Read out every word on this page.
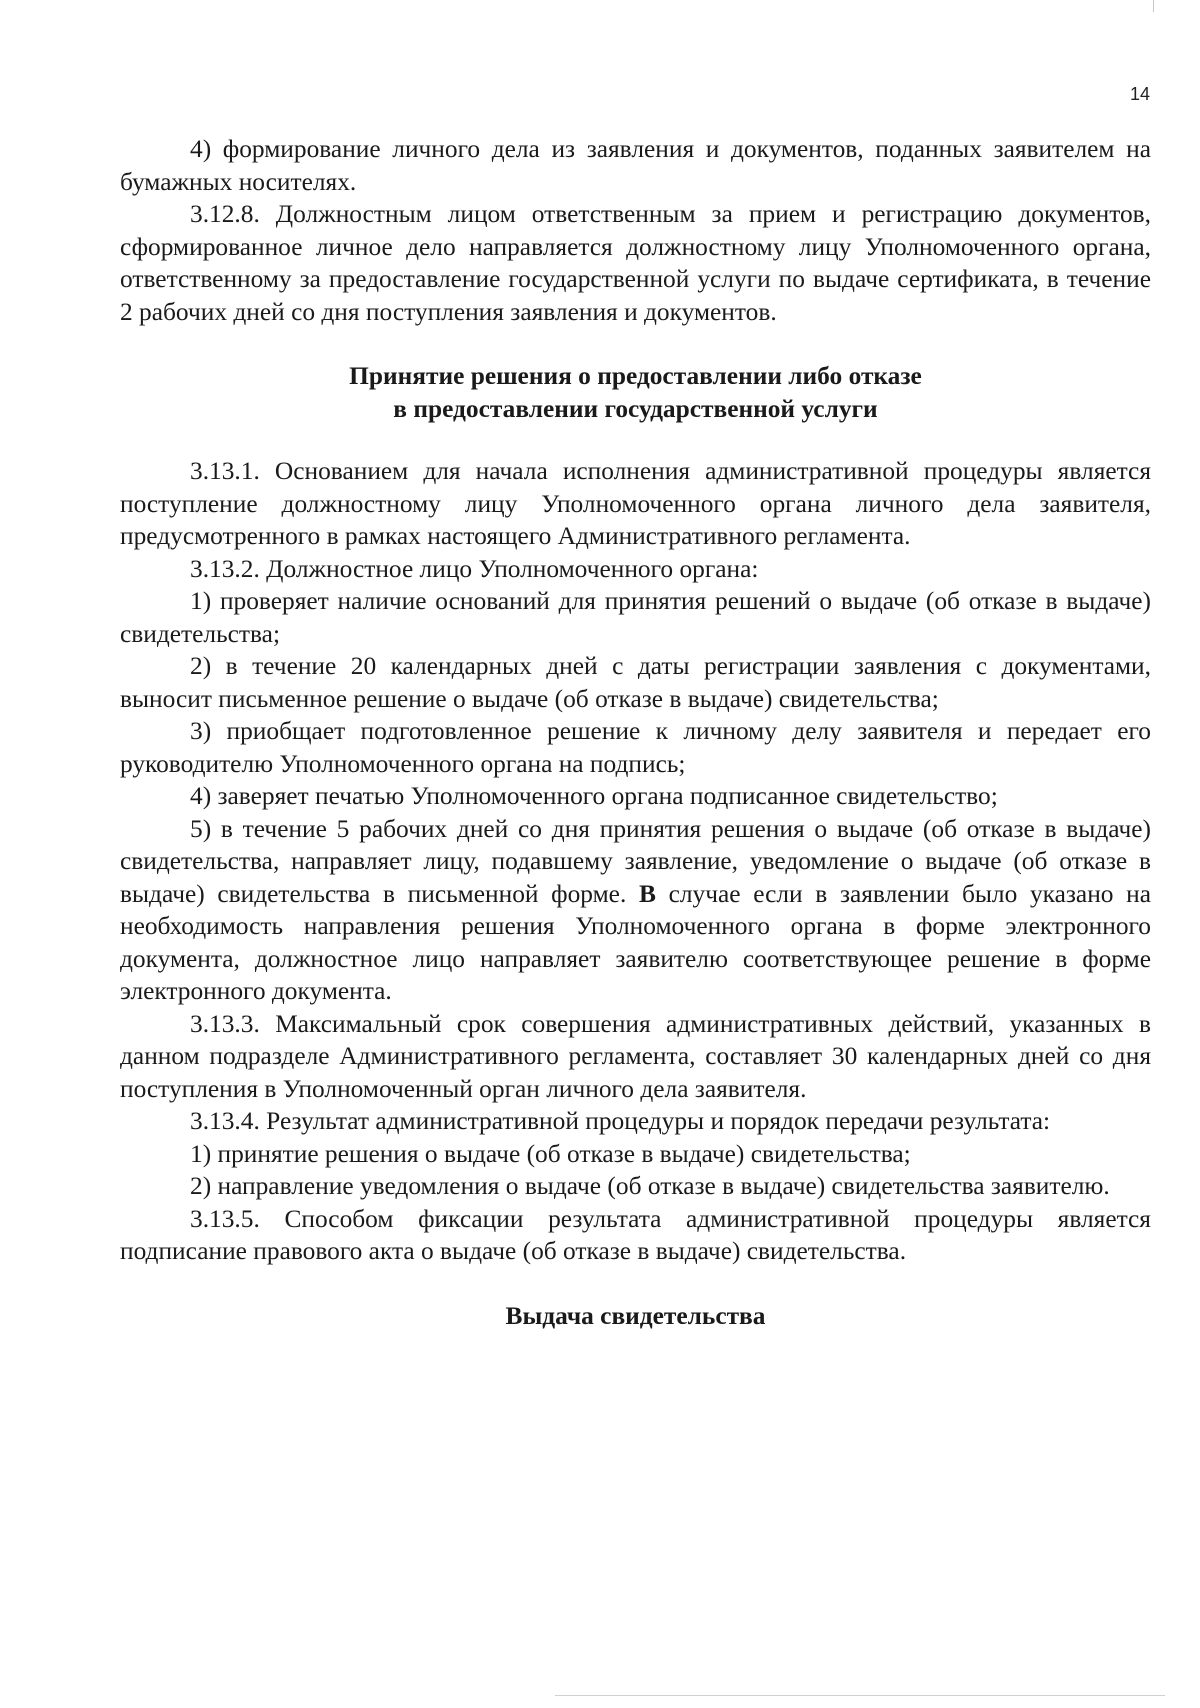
14

4) формирование личного дела из заявления и документов, поданных заявителем на бумажных носителях.

3.12.8. Должностным лицом ответственным за прием и регистрацию документов, сформированное личное дело направляется должностному лицу Уполномоченного органа, ответственному за предоставление государственной услуги по выдаче сертификата, в течение 2 рабочих дней со дня поступления заявления и документов.

Принятие решения о предоставлении либо отказе

в предоставлении государственной услуги

3.13.1. Основанием для начала исполнения административной процедуры является поступление должностному лицу Уполномоченного органа личного дела заявителя, предусмотренного в рамках настоящего Административного регламента.

3.13.2. Должностное лицо Уполномоченного органа:

1) проверяет наличие оснований для принятия решений о выдаче (об отказе в выдаче) свидетельства;

2) в течение 20 календарных дней с даты регистрации заявления с документами, выносит письменное решение о выдаче (об отказе в выдаче) свидетельства;

3) приобщает подготовленное решение к личному делу заявителя и передает его руководителю Уполномоченного органа на подпись;

4) заверяет печатью Уполномоченного органа подписанное свидетельство;

5) в течение 5 рабочих дней со дня принятия решения о выдаче (об отказе в выдаче) свидетельства, направляет лицу, подавшему заявление, уведомление о выдаче (об отказе в выдаче) свидетельства в письменной форме. В случае если в заявлении было указано на необходимость направления решения Уполномоченного органа в форме электронного документа, должностное лицо направляет заявителю соответствующее решение в форме электронного документа.

3.13.3. Максимальный срок совершения административных действий, указанных в данном подразделе Административного регламента, составляет 30 календарных дней со дня поступления в Уполномоченный орган личного дела заявителя.

3.13.4. Результат административной процедуры и порядок передачи результата:

1) принятие решения о выдаче (об отказе в выдаче) свидетельства;

2) направление уведомления о выдаче (об отказе в выдаче) свидетельства заявителю.

3.13.5. Способом фиксации результата административной процедуры является подписание правового акта о выдаче (об отказе в выдаче) свидетельства.

Выдача свидетельства
